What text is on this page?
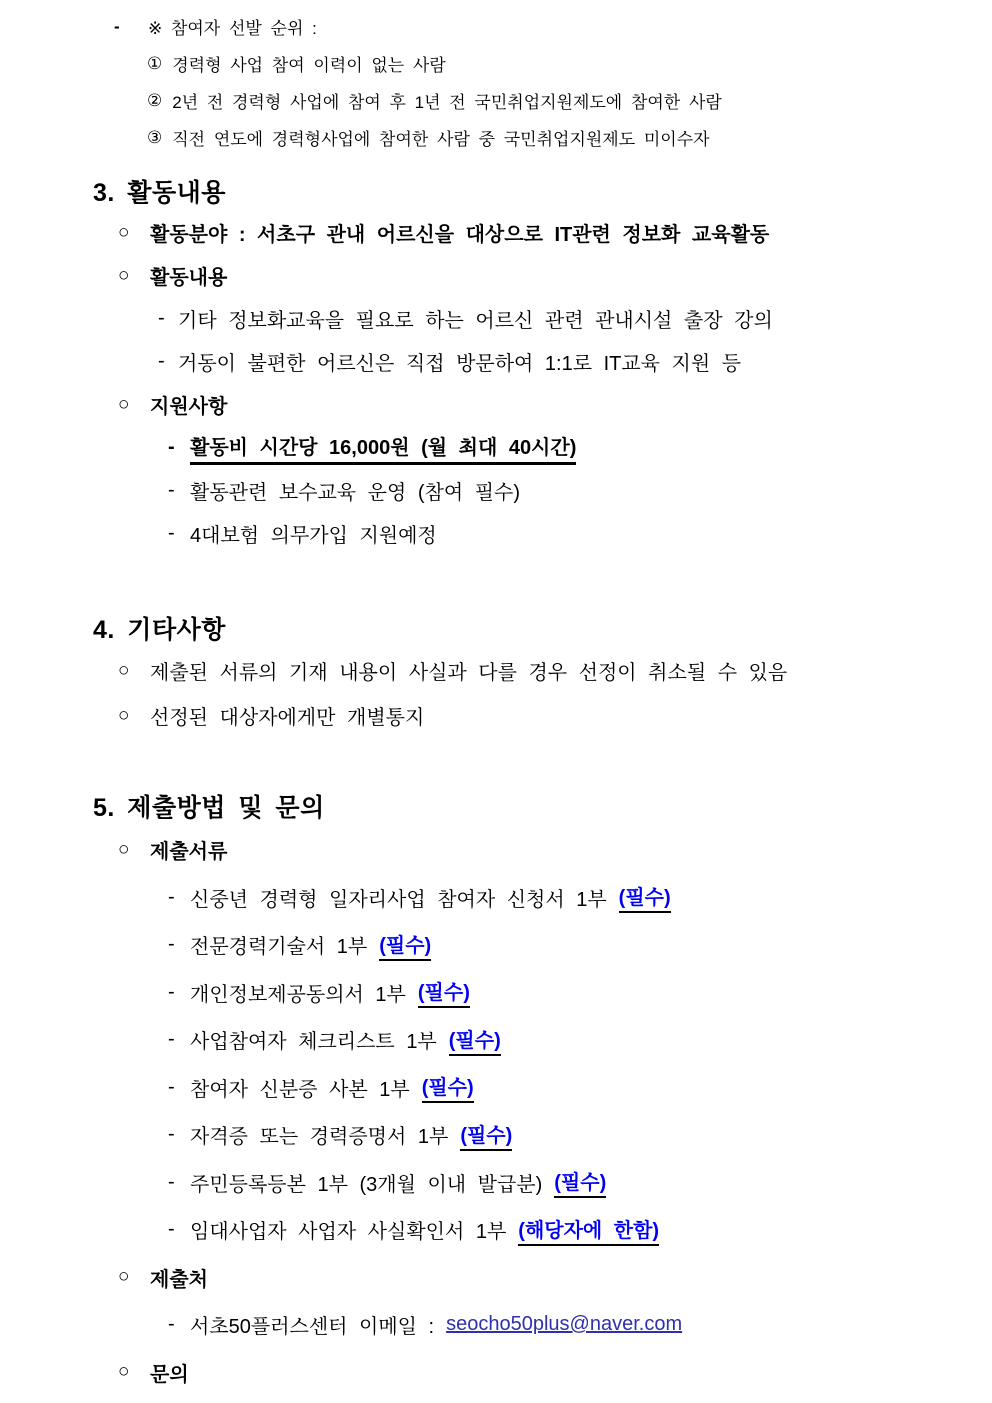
-	※ 참여자 선발 순위 :
① 경력형 사업 참여 이력이 없는 사람
② 2년 전 경력형 사업에 참여 후 1년 전 국민취업지원제도에 참여한 사람
③ 직전 연도에 경력형사업에 참여한 사람 중 국민취업지원제도 미이수자
3. 활동내용
○	활동분야 : 서초구 관내 어르신을 대상으로 IT관련 정보화 교육활동
○	활동내용
- 기타 정보화교육을 필요로 하는 어르신 관련 관내시설 출장 강의
- 거동이 불편한 어르신은 직접 방문하여 1:1로 IT교육 지원 등
○	지원사항
- 활동비 시간당 16,000원 (월 최대 40시간)
- 활동관련 보수교육 운영 (참여 필수)
- 4대보험 의무가입 지원예정
4. 기타사항
○	제출된 서류의 기재 내용이 사실과 다를 경우 선정이 취소될 수 있음
○	선정된 대상자에게만 개별통지
5. 제출방법 및 문의
○	제출서류
- 신중년 경력형 일자리사업 참여자 신청서 1부 (필수)
- 전문경력기술서 1부 (필수)
- 개인정보제공동의서 1부 (필수)
- 사업참여자 체크리스트 1부 (필수)
- 참여자 신분증 사본 1부 (필수)
- 자격증 또는 경력증명서 1부 (필수)
- 주민등록등본 1부 (3개월 이내 발급분) (필수)
- 임대사업자 사업자 사실확인서 1부 (해당자에 한함)
○	제출처
- 서초50플러스센터 이메일 : seocho50plus@naver.com
○	문의
